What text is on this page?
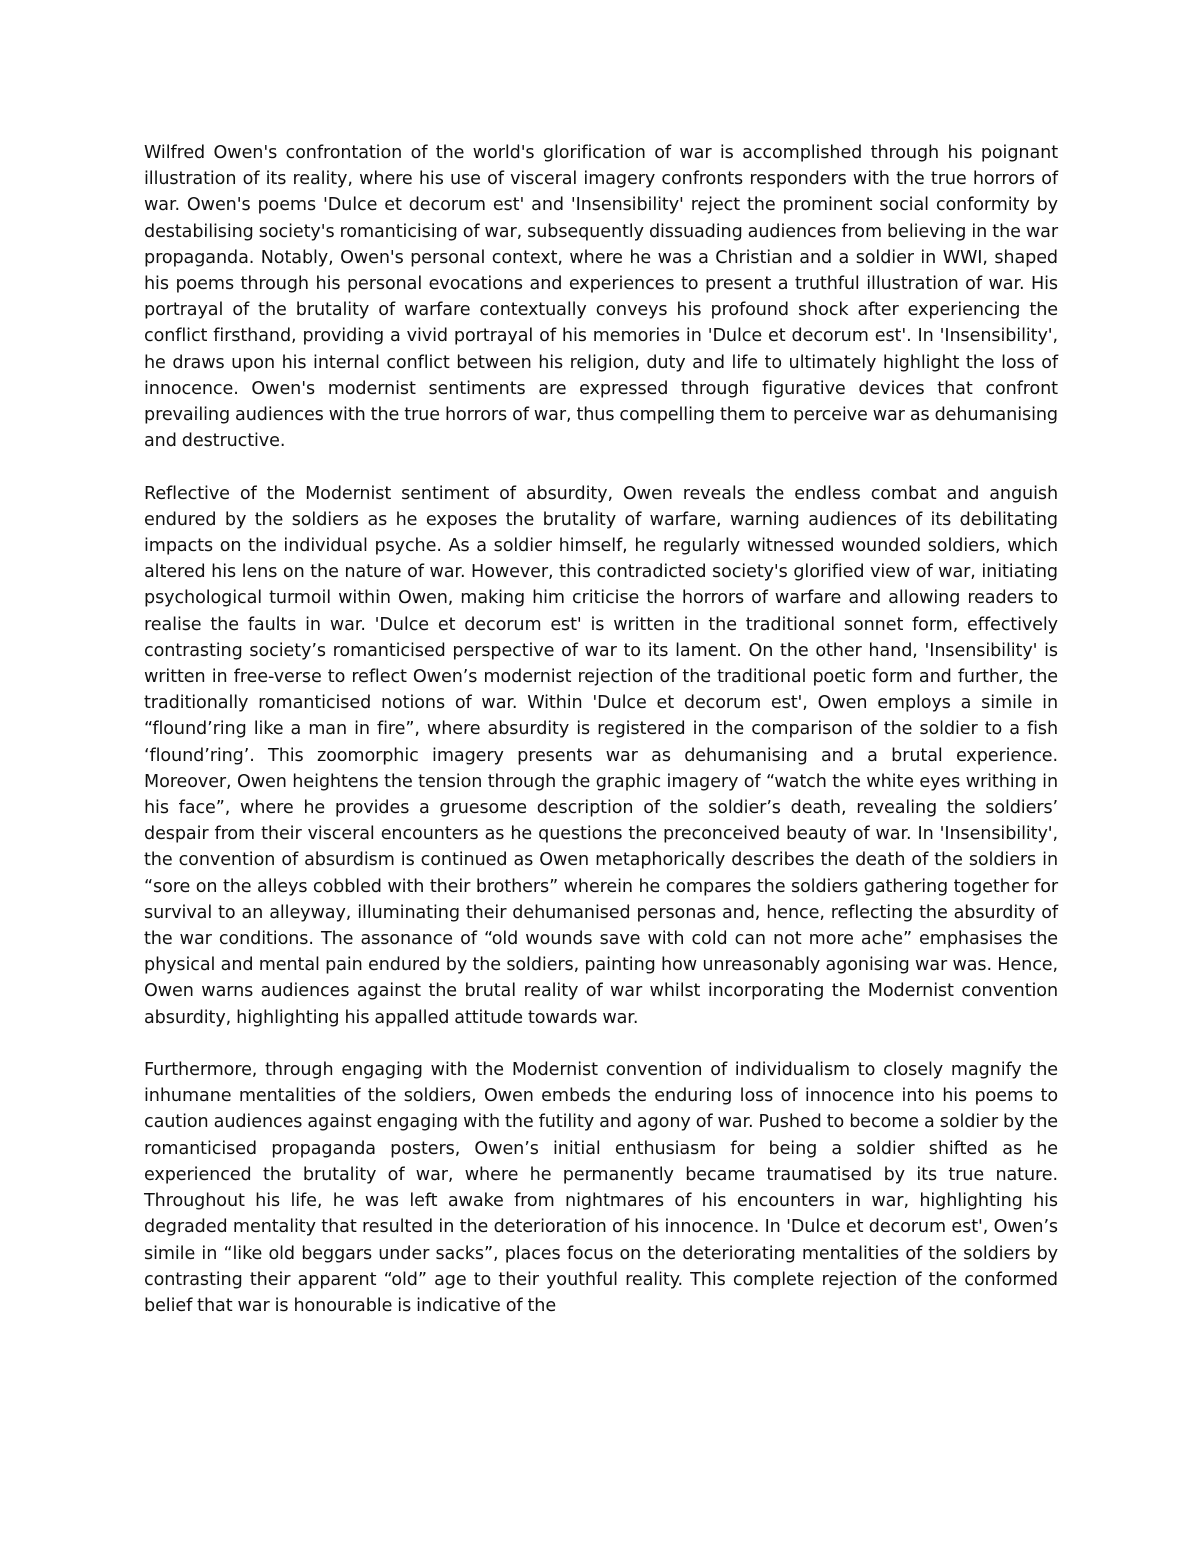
Wilfred Owen's confrontation of the world's glorification of war is accomplished through his poignant illustration of its reality, where his use of visceral imagery confronts responders with the true horrors of war. Owen's poems 'Dulce et decorum est' and 'Insensibility' reject the prominent social conformity by destabilising society's romanticising of war, subsequently dissuading audiences from believing in the war propaganda. Notably, Owen's personal context, where he was a Christian and a soldier in WWI, shaped his poems through his personal evocations and experiences to present a truthful illustration of war. His portrayal of the brutality of warfare contextually conveys his profound shock after experiencing the conflict firsthand, providing a vivid portrayal of his memories in 'Dulce et decorum est'. In 'Insensibility', he draws upon his internal conflict between his religion, duty and life to ultimately highlight the loss of innocence. Owen's modernist sentiments are expressed through figurative devices that confront prevailing audiences with the true horrors of war, thus compelling them to perceive war as dehumanising and destructive.

Reflective of the Modernist sentiment of absurdity, Owen reveals the endless combat and anguish endured by the soldiers as he exposes the brutality of warfare, warning audiences of its debilitating impacts on the individual psyche. As a soldier himself, he regularly witnessed wounded soldiers, which altered his lens on the nature of war. However, this contradicted society's glorified view of war, initiating psychological turmoil within Owen, making him criticise the horrors of warfare and allowing readers to realise the faults in war. 'Dulce et decorum est' is written in the traditional sonnet form, effectively contrasting society’s romanticised perspective of war to its lament. On the other hand, 'Insensibility' is written in free-verse to reflect Owen’s modernist rejection of the traditional poetic form and further, the traditionally romanticised notions of war. Within 'Dulce et decorum est', Owen employs a simile in “flound’ring like a man in fire”, where absurdity is registered in the comparison of the soldier to a fish ‘flound’ring’. This zoomorphic imagery presents war as dehumanising and a brutal experience. Moreover, Owen heightens the tension through the graphic imagery of “watch the white eyes writhing in his face”, where he provides a gruesome description of the soldier’s death, revealing the soldiers’ despair from their visceral encounters as he questions the preconceived beauty of war. In 'Insensibility', the convention of absurdism is continued as Owen metaphorically describes the death of the soldiers in “sore on the alleys cobbled with their brothers” wherein he compares the soldiers gathering together for survival to an alleyway, illuminating their dehumanised personas and, hence, reflecting the absurdity of the war conditions. The assonance of “old wounds save with cold can not more ache” emphasises the physical and mental pain endured by the soldiers, painting how unreasonably agonising war was. Hence, Owen warns audiences against the brutal reality of war whilst incorporating the Modernist convention absurdity, highlighting his appalled attitude towards war.

Furthermore, through engaging with the Modernist convention of individualism to closely magnify the inhumane mentalities of the soldiers, Owen embeds the enduring loss of innocence into his poems to caution audiences against engaging with the futility and agony of war. Pushed to become a soldier by the romanticised propaganda posters, Owen’s initial enthusiasm for being a soldier shifted as he experienced the brutality of war, where he permanently became traumatised by its true nature. Throughout his life, he was left awake from nightmares of his encounters in war, highlighting his degraded mentality that resulted in the deterioration of his innocence. In 'Dulce et decorum est', Owen’s simile in “like old beggars under sacks”, places focus on the deteriorating mentalities of the soldiers by contrasting their apparent “old” age to their youthful reality. This complete rejection of the conformed belief that war is honourable is indicative of the
